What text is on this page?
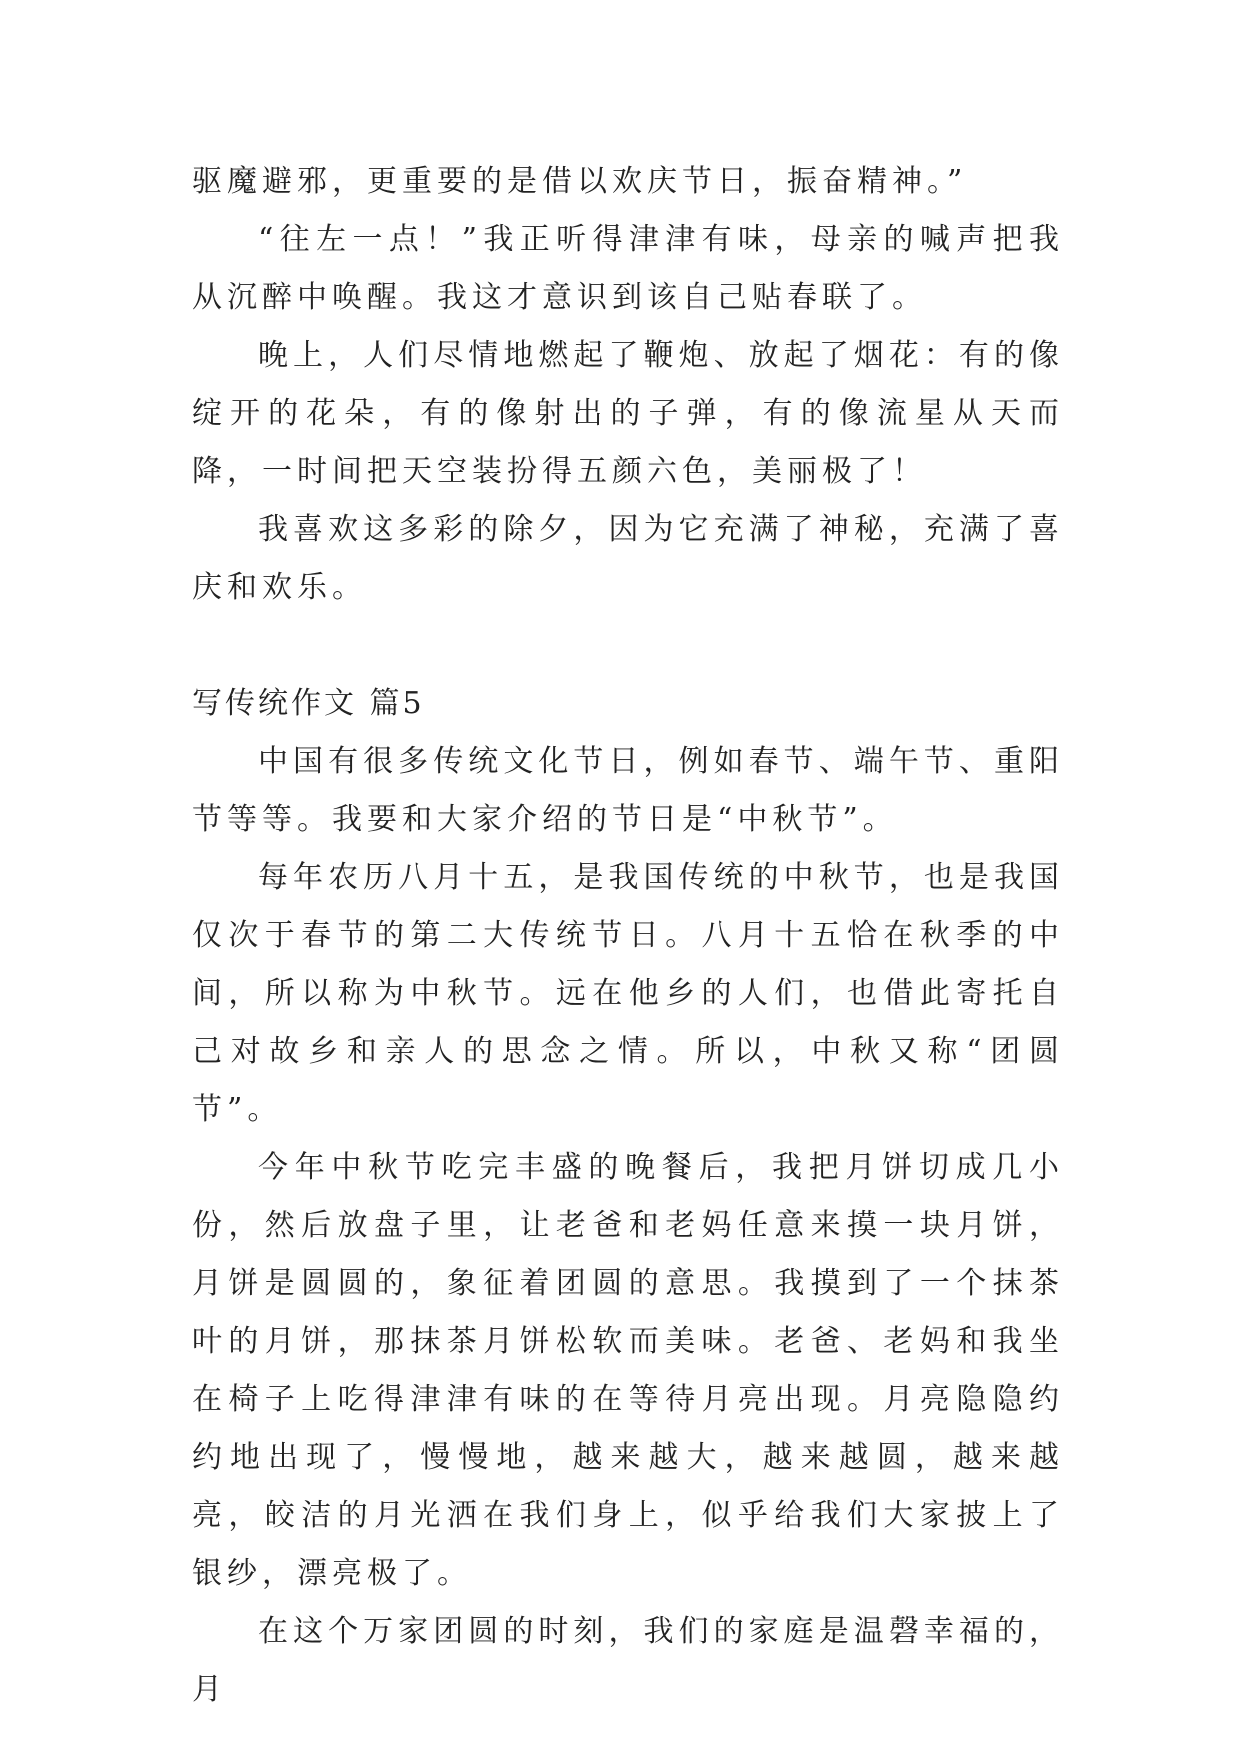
驱魔避邪，更重要的是借以欢庆节日，振奋精神。”

“往左一点！”我正听得津津有味，母亲的喊声把我从沉醉中唤醒。我这才意识到该自己贴春联了。

晚上，人们尽情地燃起了鞭炮、放起了烟花：有的像绽开的花朵，有的像射出的子弹，有的像流星从天而降，一时间把天空装扮得五颜六色，美丽极了！

我喜欢这多彩的除夕，因为它充满了神秘，充满了喜庆和欢乐。

写传统作文 篇5

中国有很多传统文化节日，例如春节、端午节、重阳节等等。我要和大家介绍的节日是“中秋节”。

每年农历八月十五，是我国传统的中秋节，也是我国仅次于春节的第二大传统节日。八月十五恰在秋季的中间，所以称为中秋节。远在他乡的人们，也借此寄托自己对故乡和亲人的思念之情。所以，中秋又称“团圆节”。

今年中秋节吃完丰盛的晚餐后，我把月饼切成几小份，然后放盘子里，让老爸和老妈任意来摸一块月饼，月饼是圆圆的，象征着团圆的意思。我摸到了一个抹茶叶的月饼，那抹茶月饼松软而美味。老爸、老妈和我坐在椅子上吃得津津有味的在等待月亮出现。月亮隐隐约约地出现了，慢慢地，越来越大，越来越圆，越来越亮，皎洁的月光洒在我们身上，似乎给我们大家披上了银纱，漂亮极了。

在这个万家团圆的时刻，我们的家庭是温磬幸福的，月
